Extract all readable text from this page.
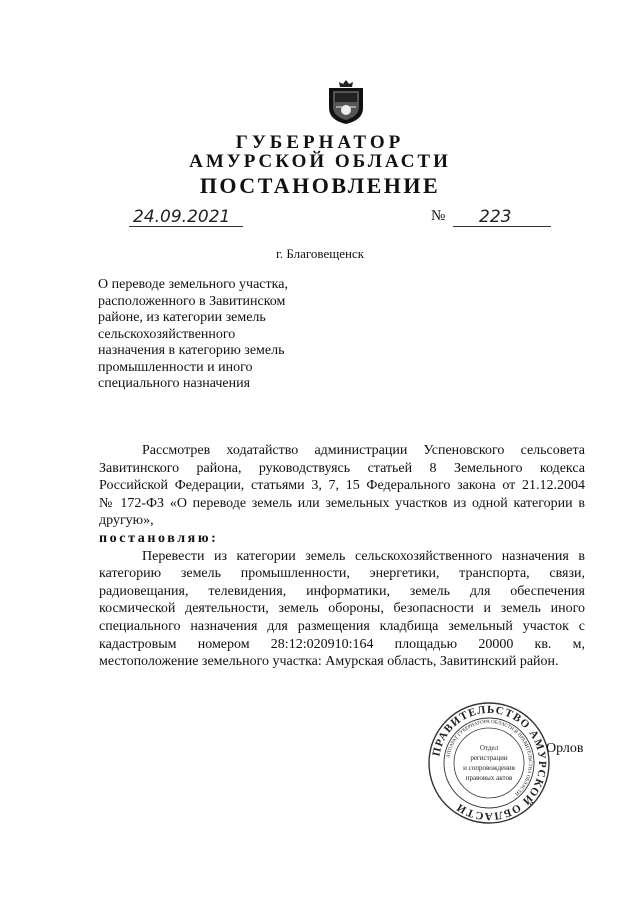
ГУБЕРНАТОР
АМУРСКОЙ ОБЛАСТИ
ПОСТАНОВЛЕНИЕ
24.09.2021	№ 223
г. Благовещенск
О переводе земельного участка,
расположенного в Завитинском
районе, из категории земель
сельскохозяйственного
назначения в категорию земель
промышленности и иного
специального назначения
Рассмотрев ходатайство администрации Успеновского сельсовета
Завитинского района, руководствуясь статьей 8 Земельного кодекса
Российской Федерации, статьями 3, 7, 15 Федерального закона от 21.12.2004
№ 172-ФЗ «О переводе земель или земельных участков из одной категории в
другую»,
постановляю:
Перевести из категории земель сельскохозяйственного назначения в
категорию земель промышленности, энергетики, транспорта, связи,
радиовещания, телевидения, информатики, земель для обеспечения
космической деятельности, земель обороны, безопасности и земель иного
специального назначения для размещения кладбища земельный участок с
кадастровым номером 28:12:020910:164 площадью 20000 кв. м,
местоположение земельного участка: Амурская область, Завитинский район.
ПРАВИТЕЛЬСТВО АМУРСКОЙ ОБЛАСТИ
АППАРАТ ГУБЕРНАТОРА ОБЛАСТИ И ПРАВИТЕЛЬСТВА ОБЛАСТИ
Отдел
регистрации
и сопровождения
правовых актов
Орлов
